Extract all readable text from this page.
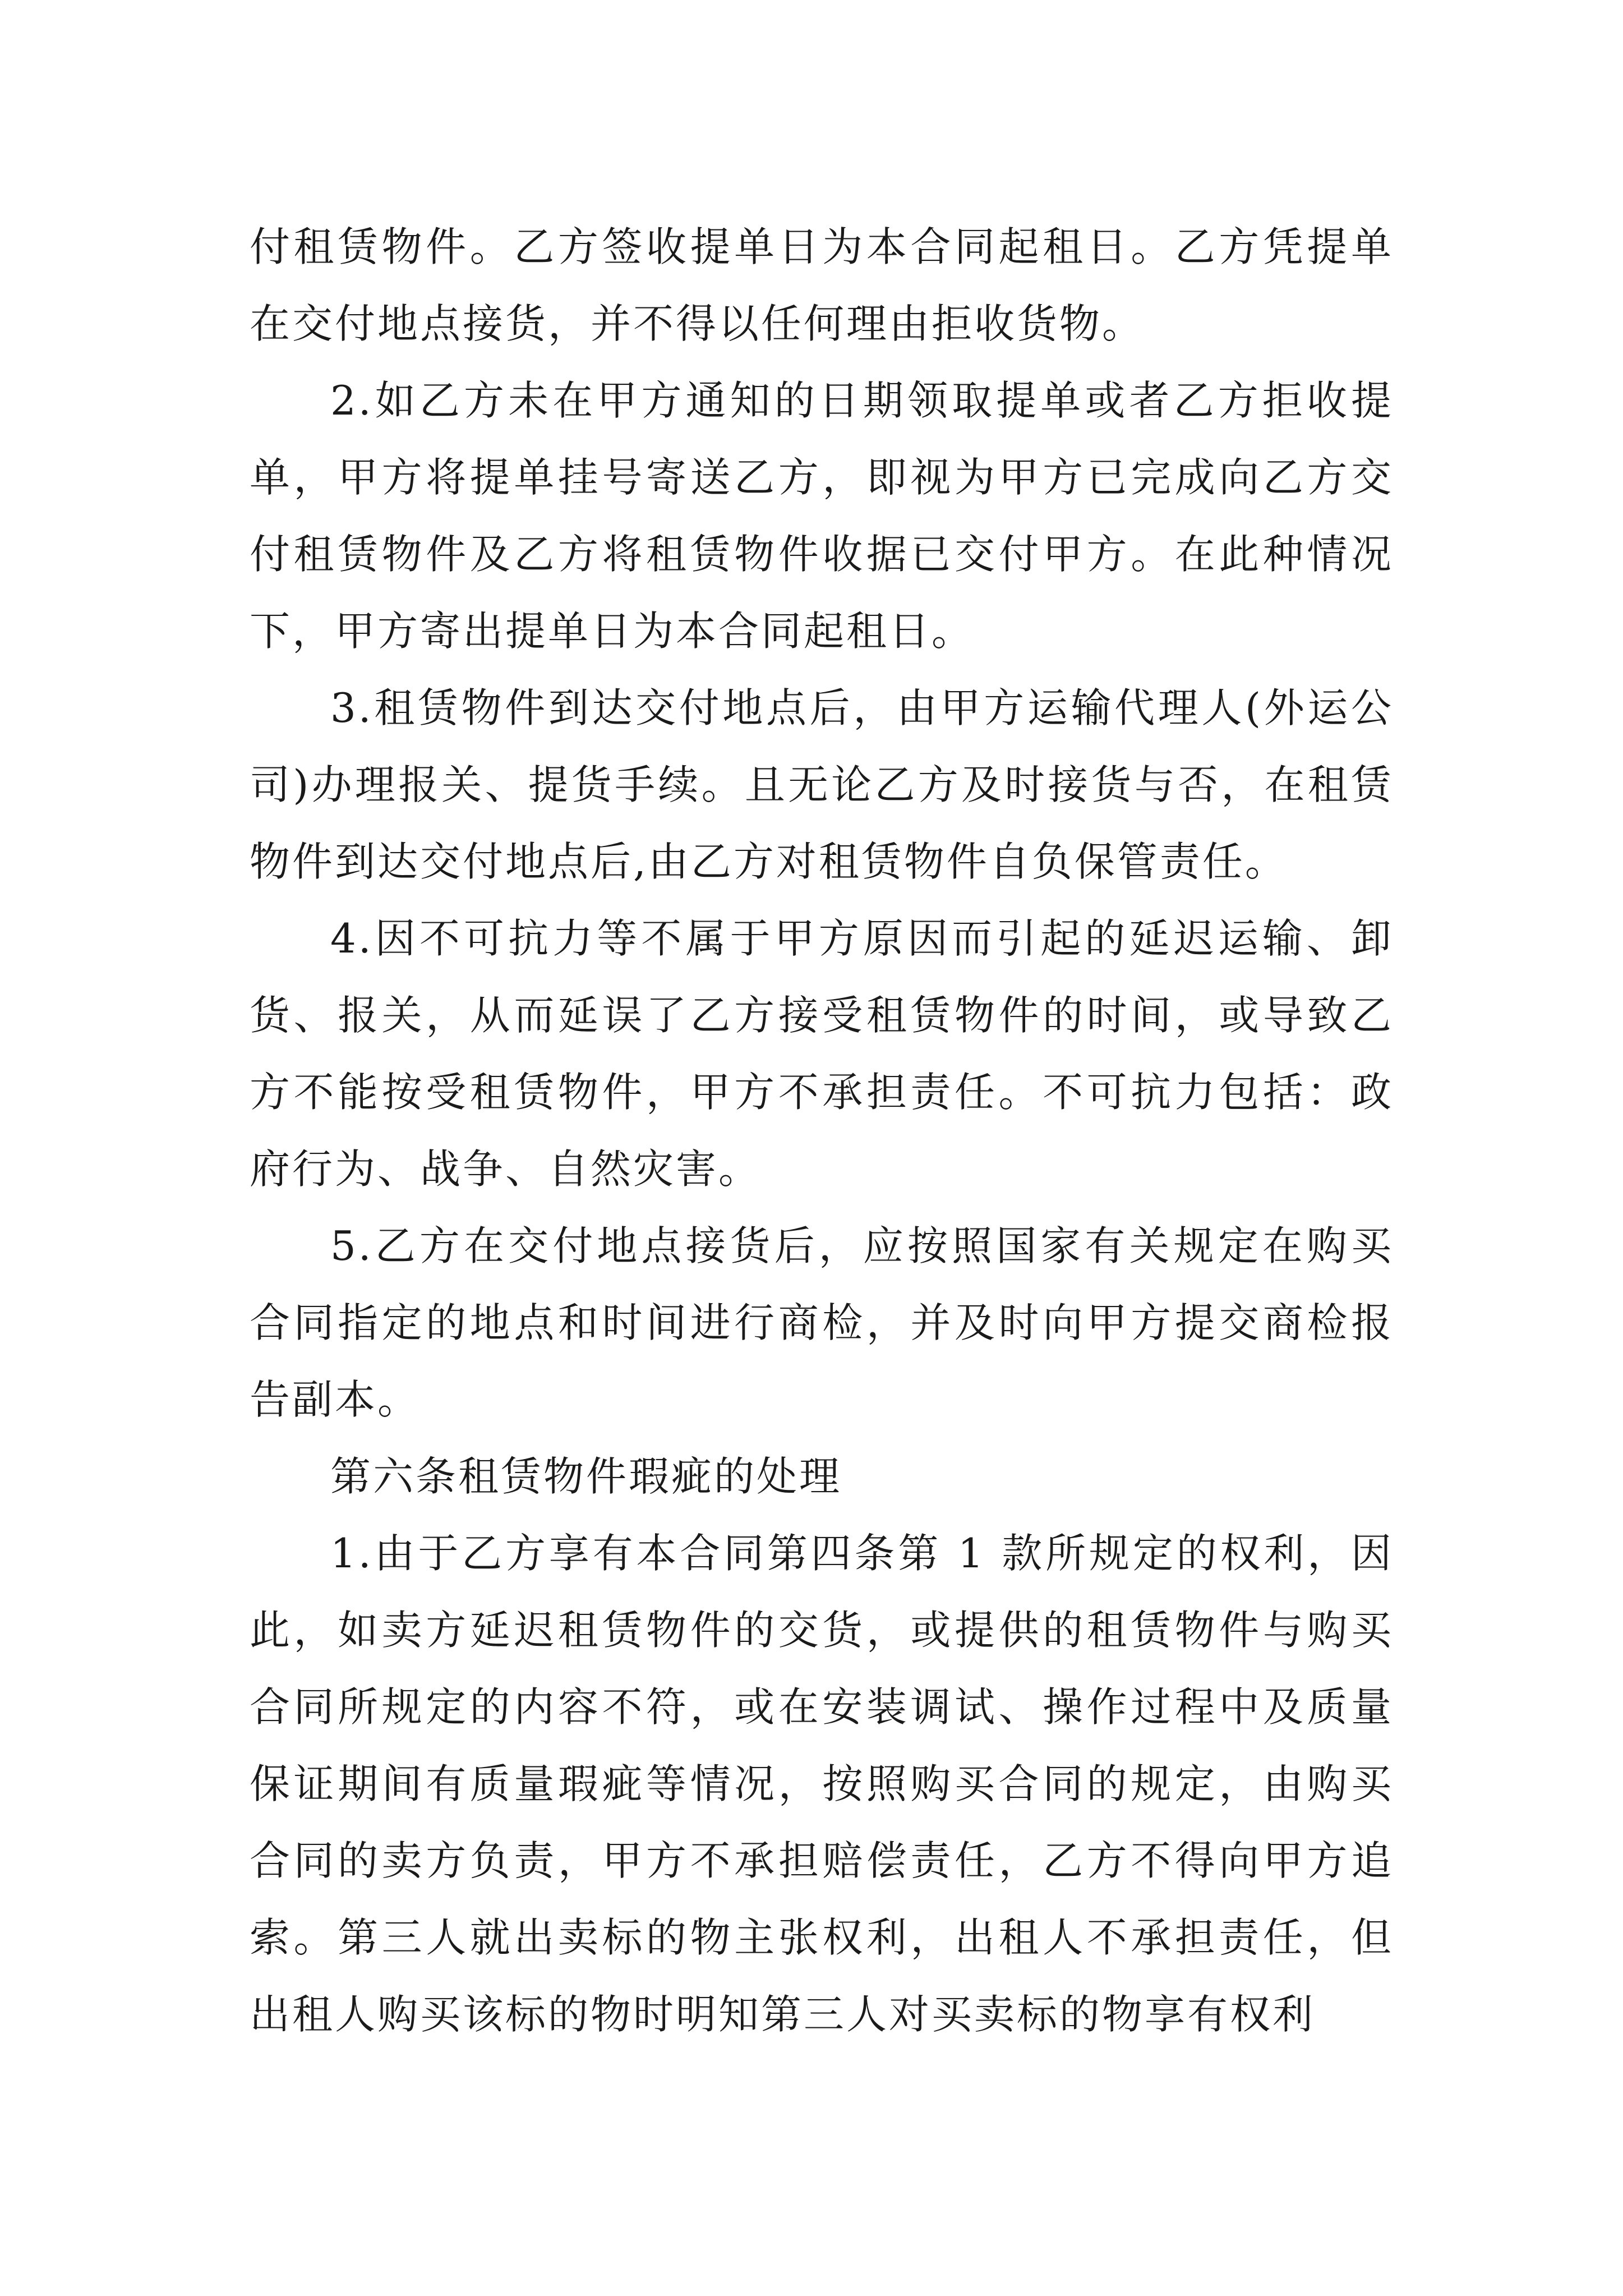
付租赁物件。乙方签收提单日为本合同起租日。乙方凭提单在交付地点接货，并不得以任何理由拒收货物。

2.如乙方未在甲方通知的日期领取提单或者乙方拒收提单，甲方将提单挂号寄送乙方，即视为甲方已完成向乙方交付租赁物件及乙方将租赁物件收据已交付甲方。在此种情况下，甲方寄出提单日为本合同起租日。

3.租赁物件到达交付地点后，由甲方运输代理人(外运公司)办理报关、提货手续。且无论乙方及时接货与否，在租赁物件到达交付地点后,由乙方对租赁物件自负保管责任。

4.因不可抗力等不属于甲方原因而引起的延迟运输、卸货、报关，从而延误了乙方接受租赁物件的时间，或导致乙方不能按受租赁物件，甲方不承担责任。不可抗力包括：政府行为、战争、自然灾害。

5.乙方在交付地点接货后，应按照国家有关规定在购买合同指定的地点和时间进行商检，并及时向甲方提交商检报告副本。

第六条租赁物件瑕疵的处理

1.由于乙方享有本合同第四条第 1 款所规定的权利，因此，如卖方延迟租赁物件的交货，或提供的租赁物件与购买合同所规定的内容不符，或在安装调试、操作过程中及质量保证期间有质量瑕疵等情况，按照购买合同的规定，由购买合同的卖方负责，甲方不承担赔偿责任，乙方不得向甲方追索。第三人就出卖标的物主张权利，出租人不承担责任，但出租人购买该标的物时明知第三人对买卖标的物享有权利
